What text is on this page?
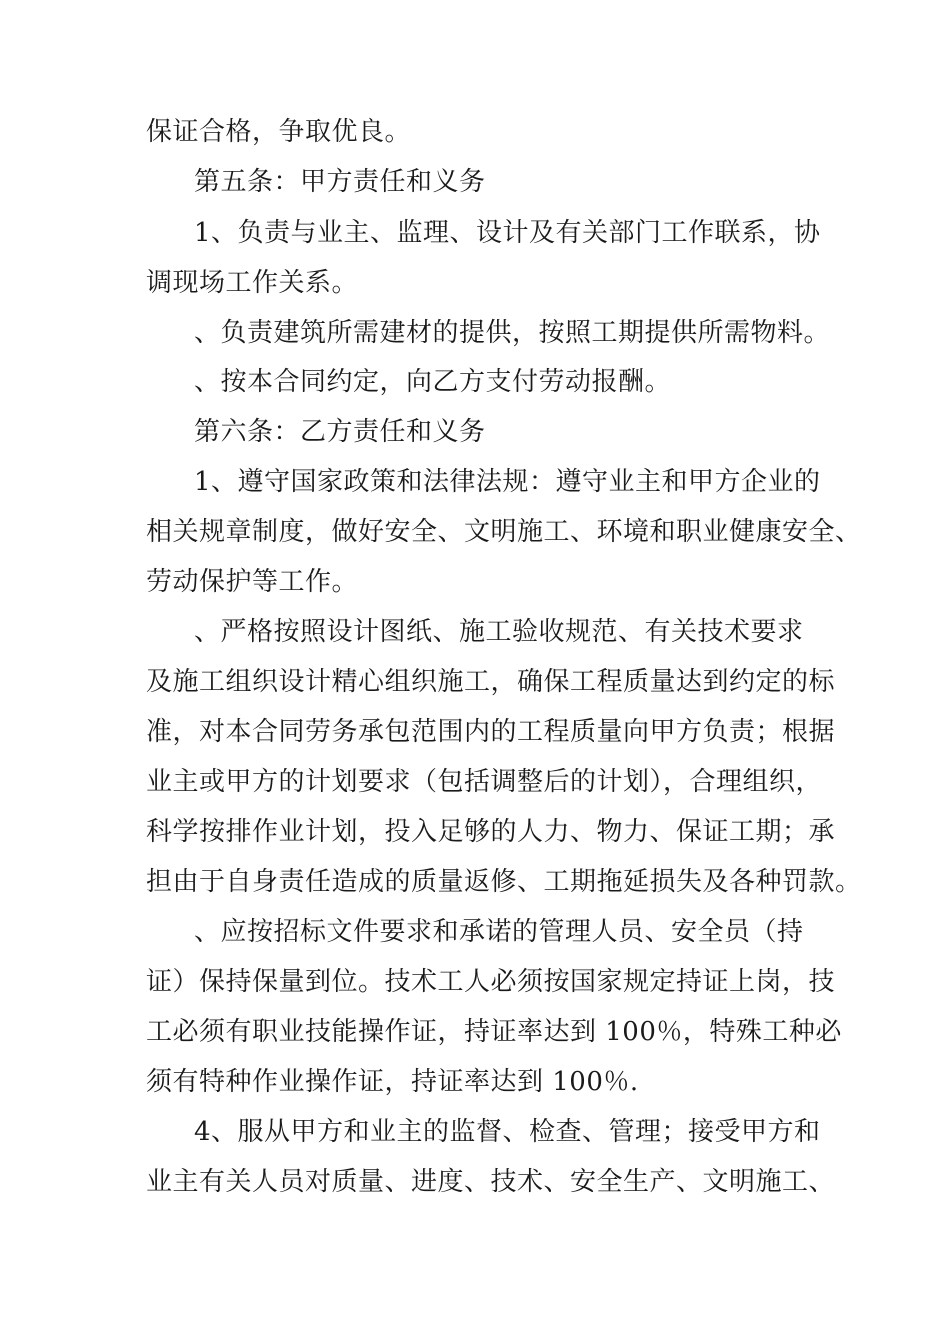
保证合格，争取优良。
第五条：甲方责任和义务
1、负责与业主、监理、设计及有关部门工作联系，协
调现场工作关系。
、负责建筑所需建材的提供，按照工期提供所需物料。
、按本合同约定，向乙方支付劳动报酬。
第六条：乙方责任和义务
1、遵守国家政策和法律法规：遵守业主和甲方企业的
相关规章制度，做好安全、文明施工、环境和职业健康安全、
劳动保护等工作。
、严格按照设计图纸、施工验收规范、有关技术要求
及施工组织设计精心组织施工，确保工程质量达到约定的标
准，对本合同劳务承包范围内的工程质量向甲方负责；根据
业主或甲方的计划要求（包括调整后的计划），合理组织，
科学按排作业计划，投入足够的人力、物力、保证工期；承
担由于自身责任造成的质量返修、工期拖延损失及各种罚款。
、应按招标文件要求和承诺的管理人员、安全员（持
证）保持保量到位。技术工人必须按国家规定持证上岗，技
工必须有职业技能操作证，持证率达到 100％，特殊工种必
须有特种作业操作证，持证率达到 100％.
4、服从甲方和业主的监督、检查、管理；接受甲方和
业主有关人员对质量、进度、技术、安全生产、文明施工、
